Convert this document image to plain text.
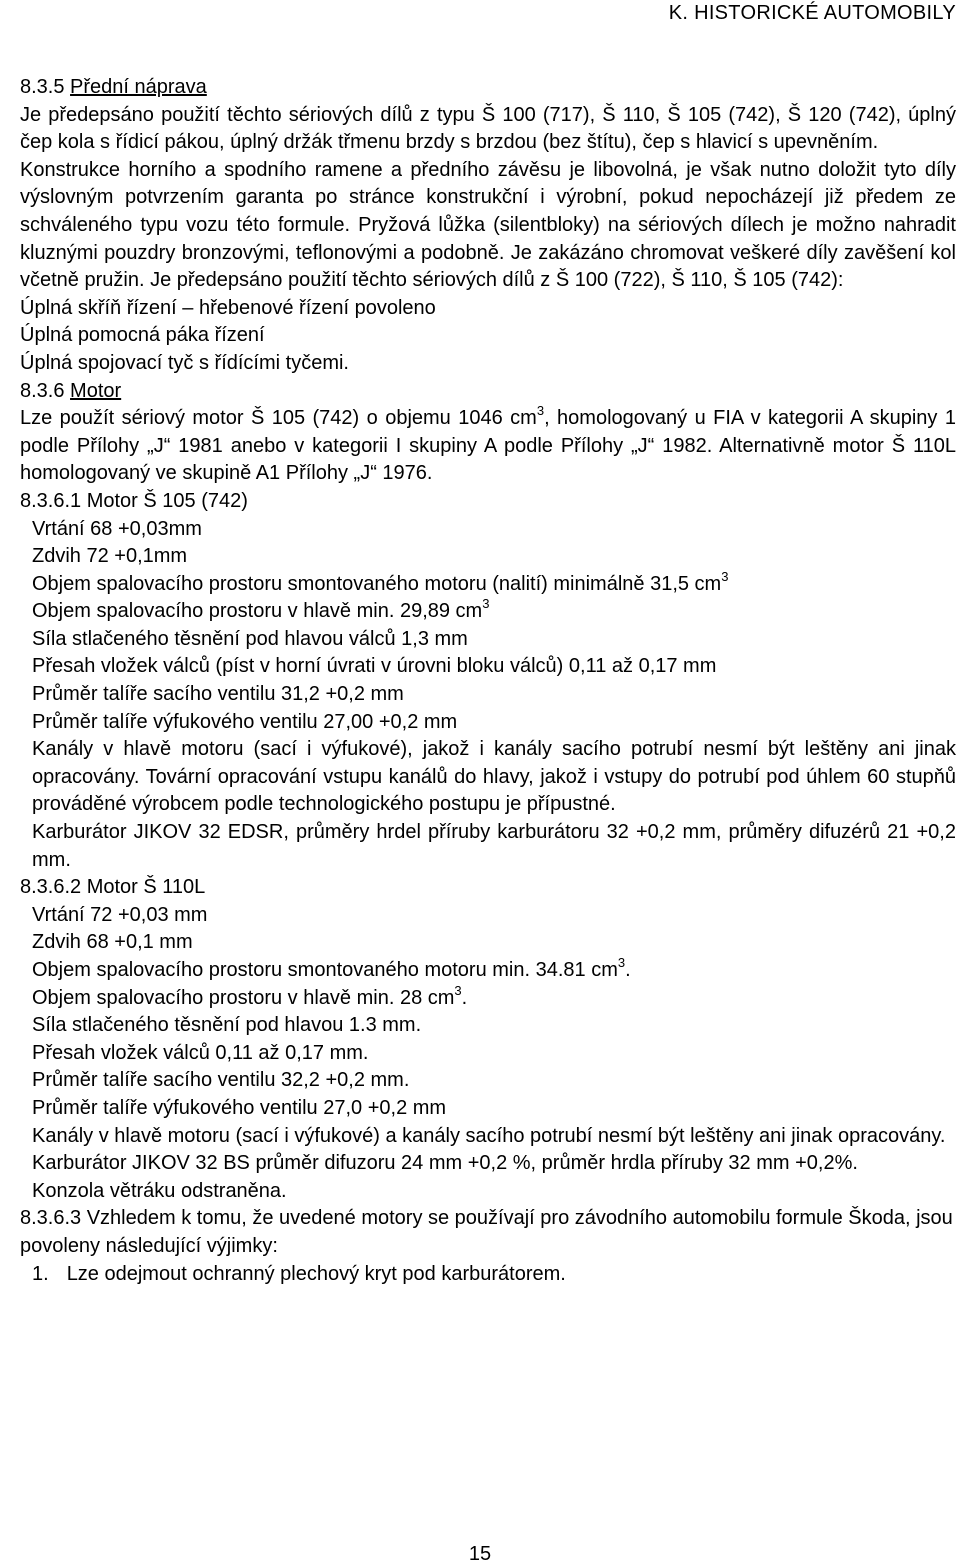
K. HISTORICKÉ AUTOMOBILY

8.3.5 Přední náprava

Je předepsáno použití těchto sériových dílů z typu Š 100 (717), Š 110, Š 105 (742), Š 120 (742), úplný čep kola s řídicí pákou, úplný držák třmenu brzdy s brzdou (bez štítu), čep s hlavicí s upevněním.

Konstrukce horního a spodního ramene a předního závěsu je libovolná, je však nutno doložit tyto díly výslovným potvrzením garanta po stránce konstrukční i výrobní, pokud nepocházejí již předem ze schváleného typu vozu této formule. Pryžová lůžka (silentbloky) na sériových dílech je možno nahradit kluznými pouzdry bronzovými, teflonovými a podobně. Je zakázáno chromovat veškeré díly zavěšení kol včetně pružin. Je předepsáno použití těchto sériových dílů z Š 100 (722), Š 110, Š 105 (742):

Úplná skříň řízení – hřebenové řízení povoleno

Úplná pomocná páka řízení

Úplná spojovací tyč s řídícími tyčemi.

8.3.6 Motor

Lze použít sériový motor Š 105 (742) o objemu 1046 $cm^3$, homologovaný u FIA v kategorii A skupiny 1 podle Přílohy „J“ 1981 anebo v kategorii I skupiny A podle Přílohy „J“ 1982. Alternativně motor Š 110L homologovaný ve skupině A1 Přílohy „J“ 1976.

8.3.6.1 Motor Š 105 (742)

Vrtání 68 +0,03mm

Zdvih 72 +0,1mm

Objem spalovacího prostoru smontovaného motoru (nalití) minimálně 31,5 $cm^3$

Objem spalovacího prostoru v hlavě min. 29,89 $cm^3$

Síla stlačeného těsnění pod hlavou válců 1,3 mm

Přesah vložek válců (píst v horní úvrati v úrovni bloku válců) 0,11 až 0,17 mm

Průměr talíře sacího ventilu 31,2 +0,2 mm

Průměr talíře výfukového ventilu 27,00 +0,2 mm

Kanály v hlavě motoru (sací i výfukové), jakož i kanály sacího potrubí nesmí být leštěny ani jinak opracovány. Tovární opracování vstupu kanálů do hlavy, jakož i vstupy do potrubí pod úhlem 60 stupňů prováděné výrobcem podle technologického postupu je přípustné.

Karburátor JIKOV 32 EDSR, průměry hrdel příruby karburátoru 32 +0,2 mm, průměry difuzérů 21 +0,2 mm.

8.3.6.2 Motor Š 110L

Vrtání 72 +0,03 mm

Zdvih 68 +0,1 mm

Objem spalovacího prostoru smontovaného motoru min. 34.81 $cm^3$.

Objem spalovacího prostoru v hlavě min. 28 $cm^3$.

Síla stlačeného těsnění pod hlavou 1.3 mm.

Přesah vložek válců 0,11 až 0,17 mm.

Průměr talíře sacího ventilu 32,2 +0,2 mm.

Průměr talíře výfukového ventilu 27,0 +0,2 mm

Kanály v hlavě motoru (sací i výfukové) a kanály sacího potrubí nesmí být leštěny ani jinak opracovány.

Karburátor JIKOV 32 BS průměr difuzoru 24 mm +0,2 %, průměr hrdla příruby 32 mm +0,2%.

Konzola větráku odstraněna.

8.3.6.3 Vzhledem k tomu, že uvedené motory se používají pro závodního automobilu formule Škoda, jsou povoleny následující výjimky:

1. Lze odejmout ochranný plechový kryt pod karburátorem.

15
